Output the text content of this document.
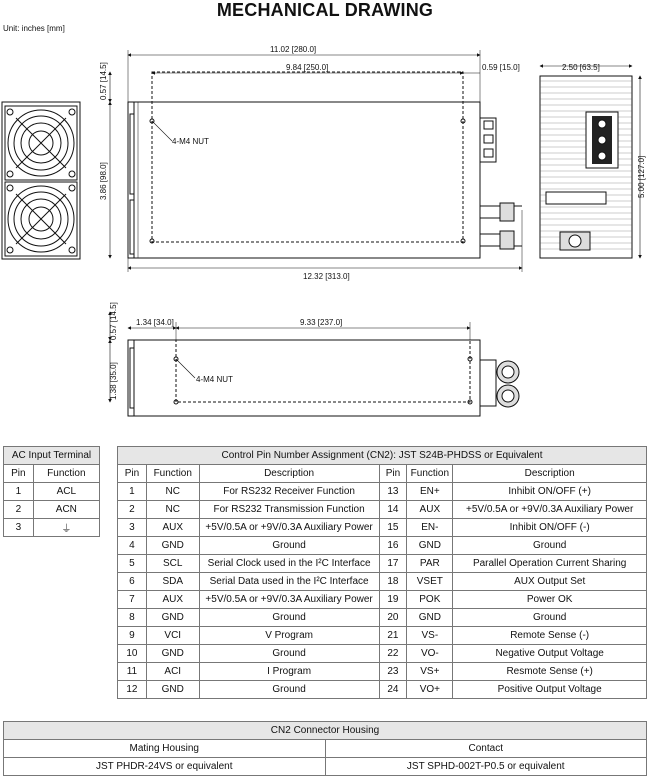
MECHANICAL DRAWING
Unit: inches [mm]
4-M4 NUT
11.02 [280.0]
9.84 [250.0]	0.59 [15.0]
0.57 [14.5]
3.86 [98.0]
12.32 [313.0]
2.50 [63.5]
5.00 [127.0]
4-M4 NUT
0.57 [14.5]
1.38 [35.0]
1.34 [34.0]	9.33 [237.0]
AC Input Terminal	
Pin	Function
1	ACL
2	ACN
3	⏚
Control Pin Number Assignment (CN2): JST S24B-PHDSS or Equivalent					
Pin	Function	Description	Pin	Function	Description
1	NC	For RS232 Receiver Function	13	EN+	Inhibit ON/OFF (+)
2	NC	For RS232 Transmission Function	14	AUX	+5V/0.5A or +9V/0.3A Auxiliary Power
3	AUX	+5V/0.5A or +9V/0.3A Auxiliary Power	15	EN-	Inhibit ON/OFF (-)
4	GND	Ground	16	GND	Ground
5	SCL	Serial Clock used in the I²C Interface	17	PAR	Parallel Operation Current Sharing
6	SDA	Serial Data used in the I²C Interface	18	VSET	AUX Output Set
7	AUX	+5V/0.5A or +9V/0.3A Auxiliary Power	19	POK	Power OK
8	GND	Ground	20	GND	Ground
9	VCI	V Program	21	VS-	Remote Sense (-)
10	GND	Ground	22	VO-	Negative Output Voltage
11	ACI	I Program	23	VS+	Resmote Sense (+)
12	GND	Ground	24	VO+	Positive Output Voltage
CN2 Connector Housing	
Mating Housing	Contact
JST PHDR-24VS or equivalent	JST SPHD-002T-P0.5 or equivalent
